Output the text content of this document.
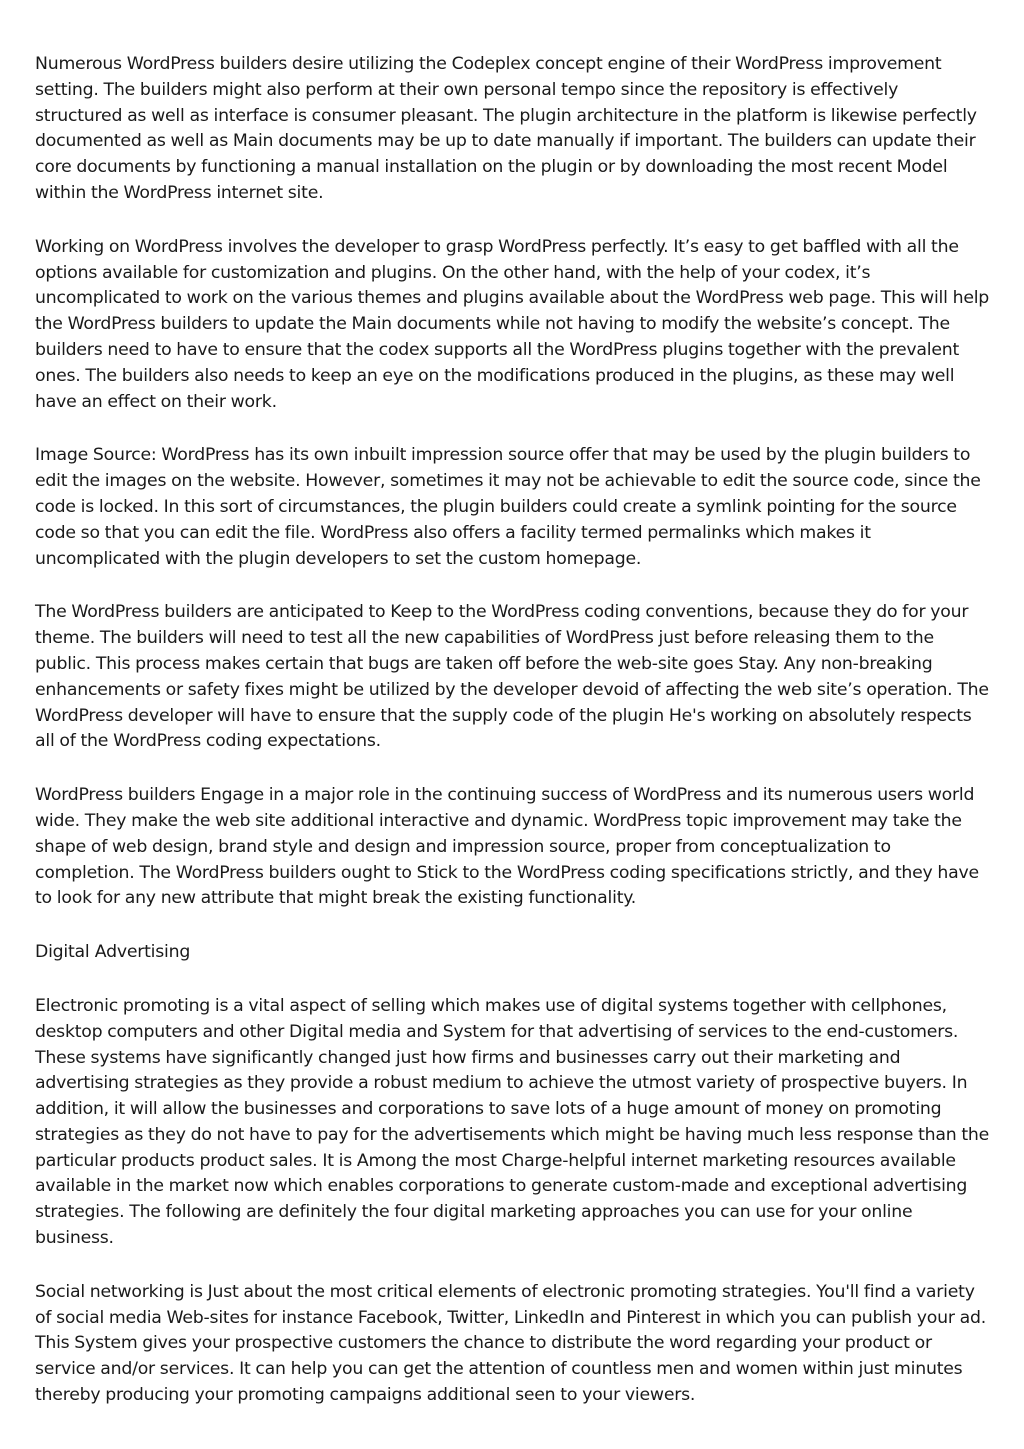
Numerous WordPress builders desire utilizing the Codeplex concept engine of their WordPress improvement setting. The builders might also perform at their own personal tempo since the repository is effectively structured as well as interface is consumer pleasant. The plugin architecture in the platform is likewise perfectly documented as well as Main documents may be up to date manually if important. The builders can update their core documents by functioning a manual installation on the plugin or by downloading the most recent Model within the WordPress internet site.

Working on WordPress involves the developer to grasp WordPress perfectly. It’s easy to get baffled with all the options available for customization and plugins. On the other hand, with the help of your codex, it’s uncomplicated to work on the various themes and plugins available about the WordPress web page. This will help the WordPress builders to update the Main documents while not having to modify the website’s concept. The builders need to have to ensure that the codex supports all the WordPress plugins together with the prevalent ones. The builders also needs to keep an eye on the modifications produced in the plugins, as these may well have an effect on their work.

Image Source: WordPress has its own inbuilt impression source offer that may be used by the plugin builders to edit the images on the website. However, sometimes it may not be achievable to edit the source code, since the code is locked. In this sort of circumstances, the plugin builders could create a symlink pointing for the source code so that you can edit the file. WordPress also offers a facility termed permalinks which makes it uncomplicated with the plugin developers to set the custom homepage.

The WordPress builders are anticipated to Keep to the WordPress coding conventions, because they do for your theme. The builders will need to test all the new capabilities of WordPress just before releasing them to the public. This process makes certain that bugs are taken off before the web-site goes Stay. Any non-breaking enhancements or safety fixes might be utilized by the developer devoid of affecting the web site’s operation. The WordPress developer will have to ensure that the supply code of the plugin He's working on absolutely respects all of the WordPress coding expectations.

WordPress builders Engage in a major role in the continuing success of WordPress and its numerous users world wide. They make the web site additional interactive and dynamic. WordPress topic improvement may take the shape of web design, brand style and design and impression source, proper from conceptualization to completion. The WordPress builders ought to Stick to the WordPress coding specifications strictly, and they have to look for any new attribute that might break the existing functionality.

Digital Advertising

Electronic promoting is a vital aspect of selling which makes use of digital systems together with cellphones, desktop computers and other Digital media and System for that advertising of services to the end-customers. These systems have significantly changed just how firms and businesses carry out their marketing and advertising strategies as they provide a robust medium to achieve the utmost variety of prospective buyers. In addition, it will allow the businesses and corporations to save lots of a huge amount of money on promoting strategies as they do not have to pay for the advertisements which might be having much less response than the particular products product sales. It is Among the most Charge-helpful internet marketing resources available available in the market now which enables corporations to generate custom-made and exceptional advertising strategies. The following are definitely the four digital marketing approaches you can use for your online business.

Social networking is Just about the most critical elements of electronic promoting strategies. You'll find a variety of social media Web-sites for instance Facebook, Twitter, LinkedIn and Pinterest in which you can publish your ad. This System gives your prospective customers the chance to distribute the word regarding your product or service and/or services. It can help you can get the attention of countless men and women within just minutes thereby producing your promoting campaigns additional seen to your viewers.
